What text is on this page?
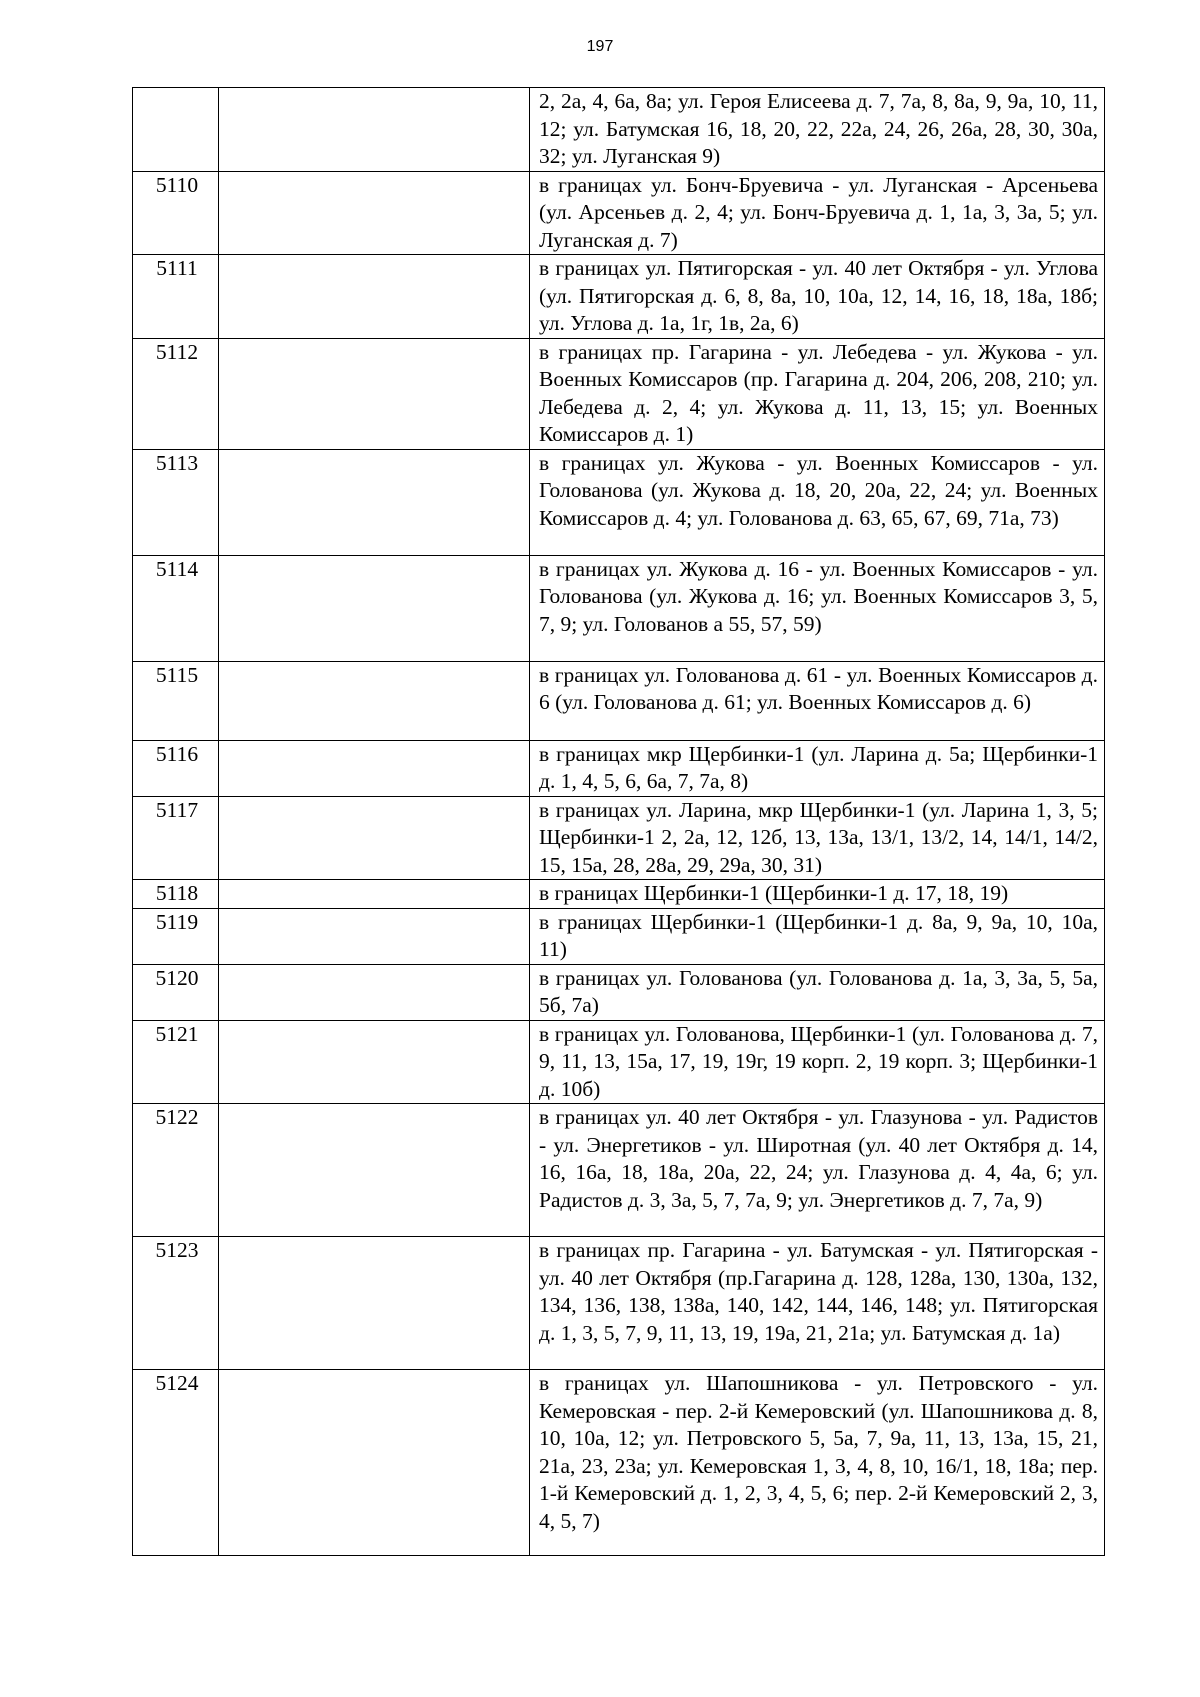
197
		2, 2а, 4, 6а, 8а; ул. Героя Елисеева д. 7, 7а, 8, 8а, 9, 9а, 10, 11, 12; ул. Батумская 16, 18, 20, 22, 22а, 24, 26, 26а, 28, 30, 30а, 32; ул. Луганская 9)
5110		в границах ул. Бонч-Бруевича - ул. Луганская - Арсеньева (ул. Арсеньев д. 2, 4; ул. Бонч-Бруевича д. 1, 1а, 3, 3а, 5; ул. Луганская д. 7)
5111		в границах ул. Пятигорская - ул. 40 лет Октября - ул. Углова (ул. Пятигорская д. 6, 8, 8а, 10, 10а, 12, 14, 16, 18, 18а, 18б; ул. Углова д. 1а, 1г, 1в, 2а, 6)
5112		в границах пр. Гагарина - ул. Лебедева - ул. Жукова - ул. Военных Комиссаров (пр. Гагарина д. 204, 206, 208, 210; ул. Лебедева д. 2, 4; ул. Жукова д. 11, 13, 15; ул. Военных Комиссаров д. 1)
5113		в границах ул. Жукова - ул. Военных Комиссаров - ул. Голованова (ул. Жукова д. 18, 20, 20а, 22, 24; ул. Военных Комиссаров д. 4; ул. Голованова д. 63, 65, 67, 69, 71а, 73)
5114		в границах ул. Жукова д. 16 - ул. Военных Комиссаров - ул. Голованова (ул. Жукова д. 16; ул. Военных Комиссаров 3, 5, 7, 9; ул. Голованов а 55, 57, 59)
5115		в границах ул. Голованова д. 61 - ул. Военных Комиссаров д. 6 (ул. Голованова д. 61; ул. Военных Комиссаров д. 6)
5116		в границах мкр Щербинки-1 (ул. Ларина д. 5а; Щербинки-1 д. 1, 4, 5, 6, 6а, 7, 7а, 8)
5117		в границах ул. Ларина, мкр Щербинки-1 (ул. Ларина 1, 3, 5; Щербинки-1 2, 2а, 12, 12б, 13, 13а, 13/1, 13/2, 14, 14/1, 14/2, 15, 15а, 28, 28а, 29, 29а, 30, 31)
5118		в границах Щербинки-1 (Щербинки-1 д. 17, 18, 19)
5119		в границах Щербинки-1 (Щербинки-1 д. 8а, 9, 9а, 10, 10а, 11)
5120		в границах ул. Голованова (ул. Голованова д. 1а, 3, 3а, 5, 5а, 5б, 7а)
5121		в границах ул. Голованова, Щербинки-1 (ул. Голованова д. 7, 9, 11, 13, 15а, 17, 19, 19г, 19 корп. 2, 19 корп. 3; Щербинки-1 д. 10б)
5122		в границах ул. 40 лет Октября - ул. Глазунова - ул. Радистов - ул. Энергетиков - ул. Широтная (ул. 40 лет Октября д. 14, 16, 16а, 18, 18а, 20а, 22, 24; ул. Глазунова д. 4, 4а, 6; ул. Радистов д. 3, 3а, 5, 7, 7а, 9; ул. Энергетиков д. 7, 7а, 9)
5123		в границах пр. Гагарина - ул. Батумская - ул. Пятигорская - ул. 40 лет Октября (пр.Гагарина д. 128, 128а, 130, 130а, 132, 134, 136, 138, 138а, 140, 142, 144, 146, 148; ул. Пятигорская д. 1, 3, 5, 7, 9, 11, 13, 19, 19а, 21, 21а; ул. Батумская д. 1а)
5124		в границах ул. Шапошникова - ул. Петровского - ул. Кемеровская - пер. 2-й Кемеровский (ул. Шапошникова д. 8, 10, 10а, 12; ул. Петровского 5, 5а, 7, 9а, 11, 13, 13а, 15, 21, 21а, 23, 23а; ул. Кемеровская 1, 3, 4, 8, 10, 16/1, 18, 18а; пер. 1-й Кемеровский д. 1, 2, 3, 4, 5, 6; пер. 2-й Кемеровский 2, 3, 4, 5, 7)
